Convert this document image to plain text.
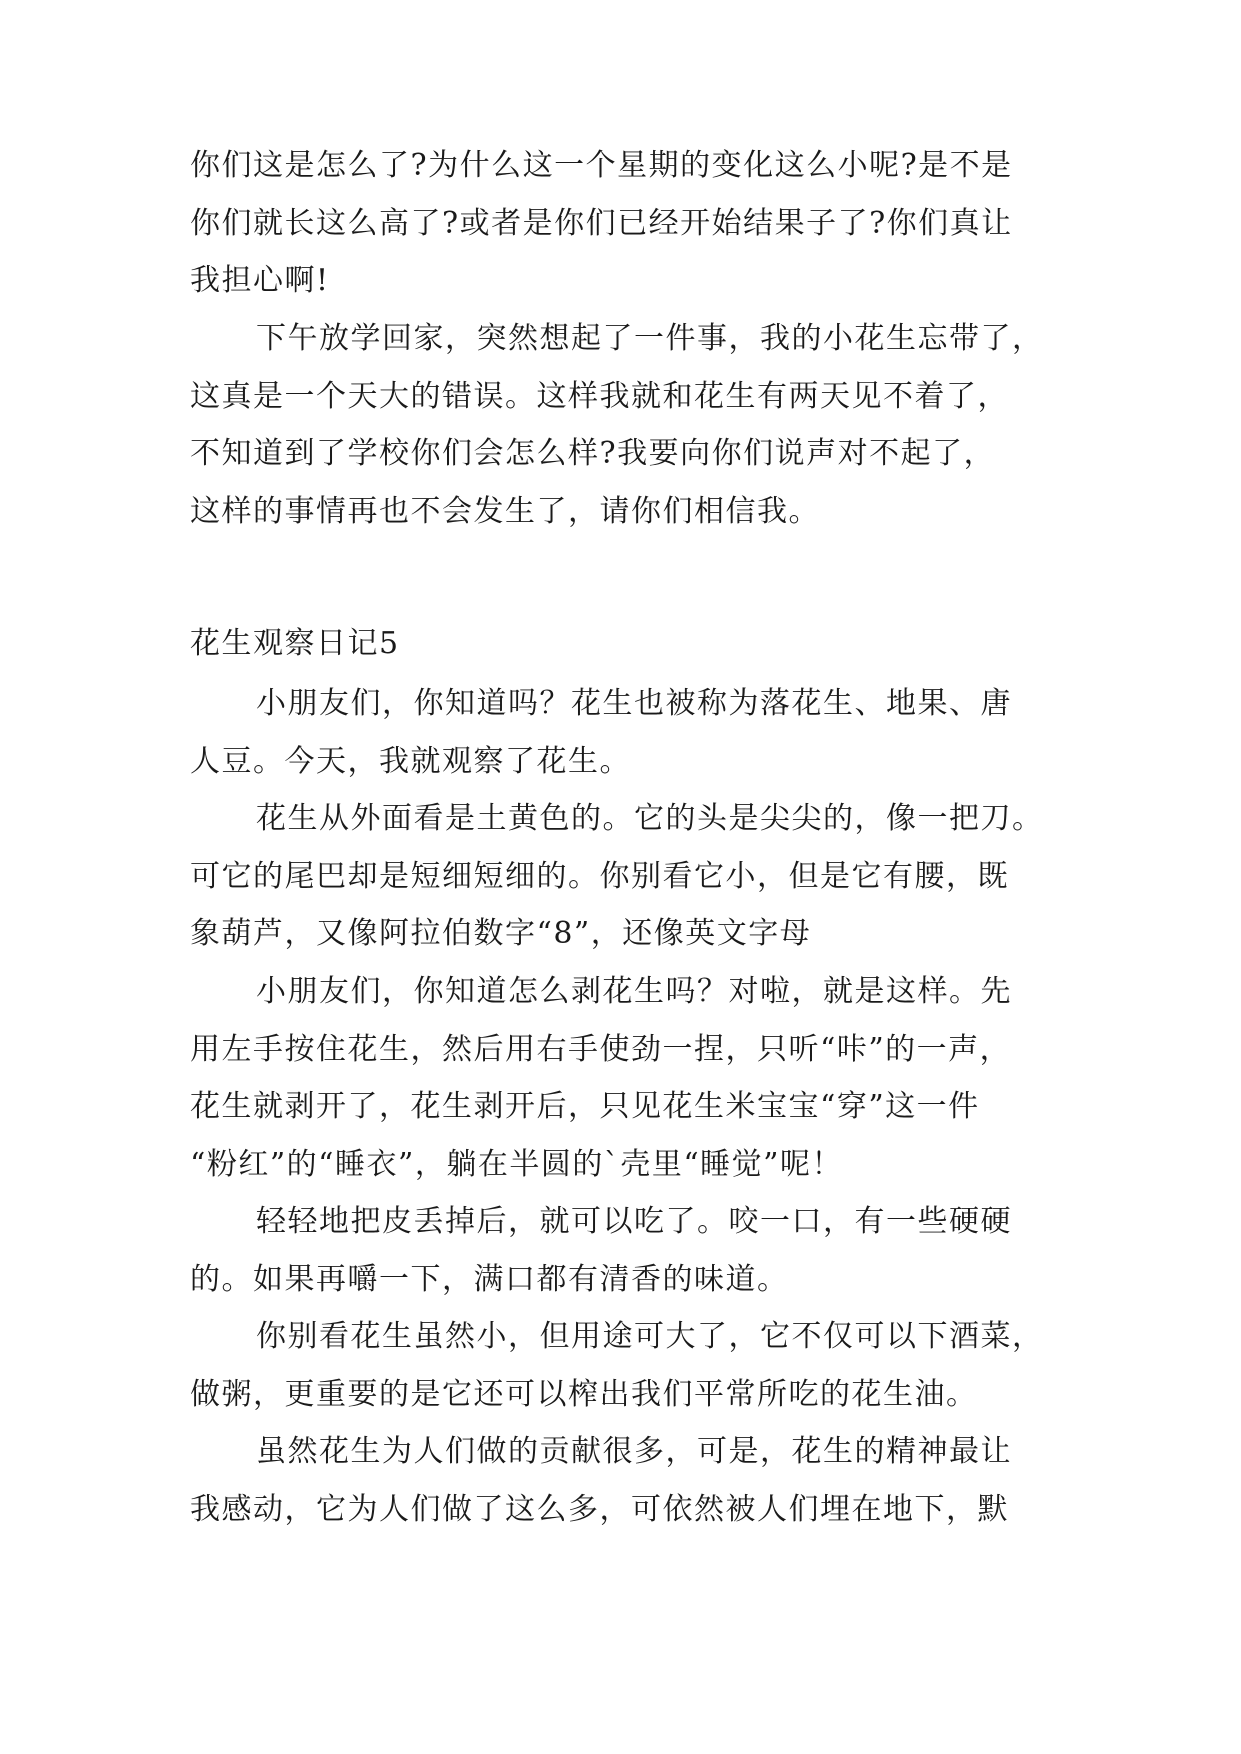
你们这是怎么了?为什么这一个星期的变化这么小呢?是不是
你们就长这么高了?或者是你们已经开始结果子了?你们真让
我担心啊!
下午放学回家，突然想起了一件事，我的小花生忘带了，
这真是一个天大的错误。这样我就和花生有两天见不着了，
不知道到了学校你们会怎么样?我要向你们说声对不起了，
这样的事情再也不会发生了，请你们相信我。
花生观察日记5
小朋友们，你知道吗？花生也被称为落花生、地果、唐
人豆。今天，我就观察了花生。
花生从外面看是土黄色的。它的头是尖尖的，像一把刀。
可它的尾巴却是短细短细的。你别看它小，但是它有腰，既
象葫芦，又像阿拉伯数字“8”，还像英文字母
小朋友们，你知道怎么剥花生吗？对啦，就是这样。先
用左手按住花生，然后用右手使劲一捏，只听“咔”的一声，
花生就剥开了，花生剥开后，只见花生米宝宝“穿”这一件
“粉红”的“睡衣”，躺在半圆的`壳里“睡觉”呢！
轻轻地把皮丢掉后，就可以吃了。咬一口，有一些硬硬
的。如果再嚼一下，满口都有清香的味道。
你别看花生虽然小，但用途可大了，它不仅可以下酒菜，
做粥，更重要的是它还可以榨出我们平常所吃的花生油。
虽然花生为人们做的贡献很多，可是，花生的精神最让
我感动，它为人们做了这么多，可依然被人们埋在地下，默
